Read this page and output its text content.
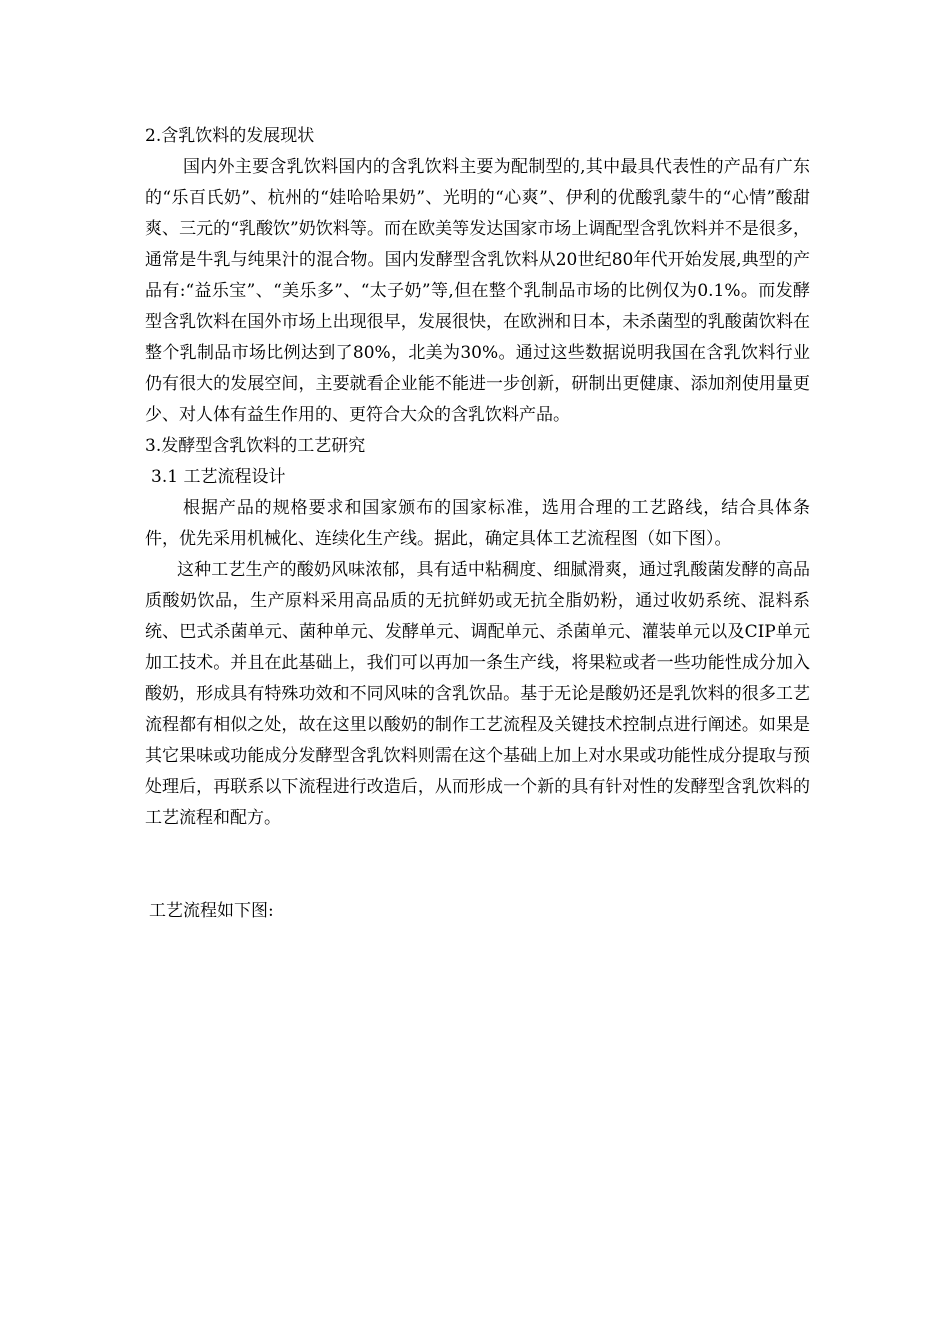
2.含乳饮料的发展现状

国内外主要含乳饮料国内的含乳饮料主要为配制型的,其中最具代表性的产品有广东的“乐百氏奶”、杭州的“娃哈哈果奶”、光明的“心爽”、伊利的优酸乳蒙牛的“心情”酸甜爽、三元的“乳酸饮”奶饮料等。而在欧美等发达国家市场上调配型含乳饮料并不是很多，通常是牛乳与纯果汁的混合物。国内发酵型含乳饮料从20世纪80年代开始发展,典型的产品有:“益乐宝”、“美乐多”、“太子奶”等,但在整个乳制品市场的比例仅为0.1%。而发酵型含乳饮料在国外市场上出现很早，发展很快，在欧洲和日本，未杀菌型的乳酸菌饮料在整个乳制品市场比例达到了80%，北美为30%。通过这些数据说明我国在含乳饮料行业仍有很大的发展空间，主要就看企业能不能进一步创新，研制出更健康、添加剂使用量更少、对人体有益生作用的、更符合大众的含乳饮料产品。

3.发酵型含乳饮料的工艺研究

3.1 工艺流程设计

根据产品的规格要求和国家颁布的国家标准，选用合理的工艺路线，结合具体条件，优先采用机械化、连续化生产线。据此，确定具体工艺流程图（如下图）。

这种工艺生产的酸奶风味浓郁，具有适中粘稠度、细腻滑爽，通过乳酸菌发酵的高品质酸奶饮品，生产原料采用高品质的无抗鲜奶或无抗全脂奶粉，通过收奶系统、混料系统、巴式杀菌单元、菌种单元、发酵单元、调配单元、杀菌单元、灌装单元以及CIP单元加工技术。并且在此基础上，我们可以再加一条生产线，将果粒或者一些功能性成分加入酸奶，形成具有特殊功效和不同风味的含乳饮品。基于无论是酸奶还是乳饮料的很多工艺流程都有相似之处，故在这里以酸奶的制作工艺流程及关键技术控制点进行阐述。如果是其它果味或功能成分发酵型含乳饮料则需在这个基础上加上对水果或功能性成分提取与预处理后，再联系以下流程进行改造后，从而形成一个新的具有针对性的发酵型含乳饮料的工艺流程和配方。

工艺流程如下图:
